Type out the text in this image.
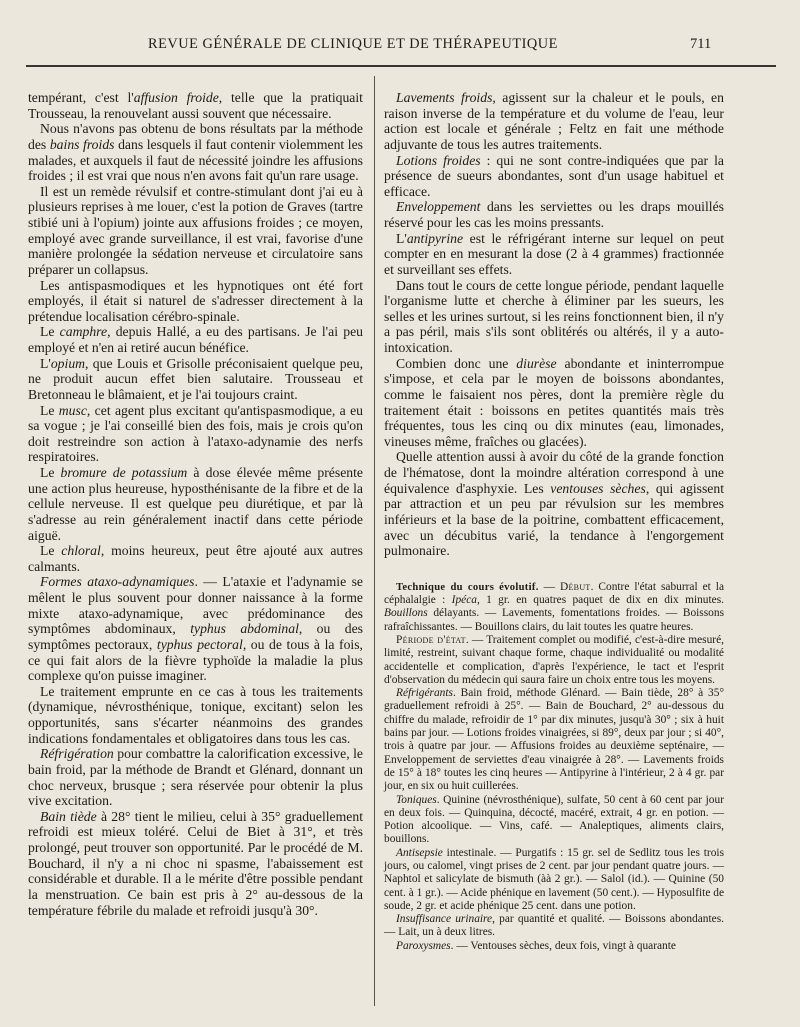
REVUE GÉNÉRALE DE CLINIQUE ET DE THÉRAPEUTIQUE	711

tempérant, c'est l'affusion froide, telle que la pratiquait Trousseau, la renouvelant aussi souvent que nécessaire.

Nous n'avons pas obtenu de bons résultats par la méthode des bains froids dans lesquels il faut contenir violemment les malades, et auxquels il faut de nécessité joindre les affusions froides ; il est vrai que nous n'en avons fait qu'un rare usage.

Il est un remède révulsif et contre-stimulant dont j'ai eu à plusieurs reprises à me louer, c'est la potion de Graves (tartre stibié uni à l'opium) jointe aux affusions froides ; ce moyen, employé avec grande surveillance, il est vrai, favorise d'une manière prolongée la sédation nerveuse et circulatoire sans préparer un collapsus.

Les antispasmodiques et les hypnotiques ont été fort employés, il était si naturel de s'adresser directement à la prétendue localisation cérébro-spinale.

Le camphre, depuis Hallé, a eu des partisans. Je l'ai peu employé et n'en ai retiré aucun bénéfice.

L'opium, que Louis et Grisolle préconisaient quelque peu, ne produit aucun effet bien salutaire. Trousseau et Bretonneau le blâmaient, et je l'ai toujours craint.

Le musc, cet agent plus excitant qu'antispasmodique, a eu sa vogue ; je l'ai conseillé bien des fois, mais je crois qu'on doit restreindre son action à l'ataxo-adynamie des nerfs respiratoires.

Le bromure de potassium à dose élevée même présente une action plus heureuse, hyposthénisante de la fibre et de la cellule nerveuse. Il est quelque peu diurétique, et par là s'adresse au rein généralement inactif dans cette période aiguë.

Le chloral, moins heureux, peut être ajouté aux autres calmants.

Formes ataxo-adynamiques. — L'ataxie et l'adynamie se mêlent le plus souvent pour donner naissance à la forme mixte ataxo-adynamique, avec prédominance des symptômes abdominaux, typhus abdominal, ou des symptômes pectoraux, typhus pectoral, ou de tous à la fois, ce qui fait alors de la fièvre typhoïde la maladie la plus complexe qu'on puisse imaginer.

Le traitement emprunte en ce cas à tous les traitements (dynamique, névrosthénique, tonique, excitant) selon les opportunités, sans s'écarter néanmoins des grandes indications fondamentales et obligatoires dans tous les cas.

Réfrigération pour combattre la calorification excessive, le bain froid, par la méthode de Brandt et Glénard, donnant un choc nerveux, brusque ; sera réservée pour obtenir la plus vive excitation.

Bain tiède à 28° tient le milieu, celui à 35° graduellement refroidi est mieux toléré. Celui de Biet à 31°, et très prolongé, peut trouver son opportunité. Par le procédé de M. Bouchard, il n'y a ni choc ni spasme, l'abaissement est considérable et durable. Il a le mérite d'être possible pendant la menstruation. Ce bain est pris à 2° au-dessous de la température fébrile du malade et refroidi jusqu'à 30°.

Lavements froids, agissent sur la chaleur et le pouls, en raison inverse de la température et du volume de l'eau, leur action est locale et générale ; Feltz en fait une méthode adjuvante de tous les autres traitements.

Lotions froides : qui ne sont contre-indiquées que par la présence de sueurs abondantes, sont d'un usage habituel et efficace.

Enveloppement dans les serviettes ou les draps mouillés réservé pour les cas les moins pressants.

L'antipyrine est le réfrigérant interne sur lequel on peut compter en en mesurant la dose (2 à 4 grammes) fractionnée et surveillant ses effets.

Dans tout le cours de cette longue période, pendant laquelle l'organisme lutte et cherche à éliminer par les sueurs, les selles et les urines surtout, si les reins fonctionnent bien, il n'y a pas péril, mais s'ils sont oblitérés ou altérés, il y a auto-intoxication.

Combien donc une diurèse abondante et ininterrompue s'impose, et cela par le moyen de boissons abondantes, comme le faisaient nos pères, dont la première règle du traitement était : boissons en petites quantités mais très fréquentes, tous les cinq ou dix minutes (eau, limonades, vineuses même, fraîches ou glacées).

Quelle attention aussi à avoir du côté de la grande fonction de l'hématose, dont la moindre altération correspond à une équivalence d'asphyxie. Les ventouses sèches, qui agissent par attraction et un peu par révulsion sur les membres inférieurs et la base de la poitrine, combattent efficacement, avec un décubitus varié, la tendance à l'engorgement pulmonaire.

Technique du cours évolutif. — Début. Contre l'état saburral et la céphalalgie : Ipéca, 1 gr. en quatres paquet de dix en dix minutes. Bouillons délayants. — Lavements, fomentations froides. — Boissons rafraîchissantes. — Bouillons clairs, du lait toutes les quatre heures.

Période d'état. — Traitement complet ou modifié, c'est-à-dire mesuré, limité, restreint, suivant chaque forme, chaque individualité ou modalité accidentelle et complication, d'après l'expérience, le tact et l'esprit d'observation du médecin qui saura faire un choix entre tous les moyens.

Réfrigérants. Bain froid, méthode Glénard. — Bain tiède, 28° à 35° graduellement refroidi à 25°. — Bain de Bouchard, 2° au-dessous du chiffre du malade, refroidir de 1° par dix minutes, jusqu'à 30° ; six à huit bains par jour. — Lotions froides vinaigrées, si 89°, deux par jour ; si 40°, trois à quatre par jour. — Affusions froides au deuxième septénaire, — Enveloppement de serviettes d'eau vinaigrée à 28°. — Lavements froids de 15° à 18° toutes les cinq heures — Antipyrine à l'intérieur, 2 à 4 gr. par jour, en six ou huit cuillerées.

Toniques. Quinine (névrosthénique), sulfate, 50 cent à 60 cent par jour en deux fois. — Quinquina, décocté, macéré, extrait, 4 gr. en potion. — Potion alcoolique. — Vins, café. — Analeptiques, aliments clairs, bouillons.

Antisepsie intestinale. — Purgatifs : 15 gr. sel de Sedlitz tous les trois jours, ou calomel, vingt prises de 2 cent. par jour pendant quatre jours. — Naphtol et salicylate de bismuth (àà 2 gr.). — Salol (id.). — Quinine (50 cent. à 1 gr.). — Acide phénique en lavement (50 cent.). — Hyposulfite de soude, 2 gr. et acide phénique 25 cent. dans une potion.

Insuffisance urinaire, par quantité et qualité. — Boissons abondantes. — Lait, un à deux litres.

Paroxysmes. — Ventouses sèches, deux fois, vingt à quarante
